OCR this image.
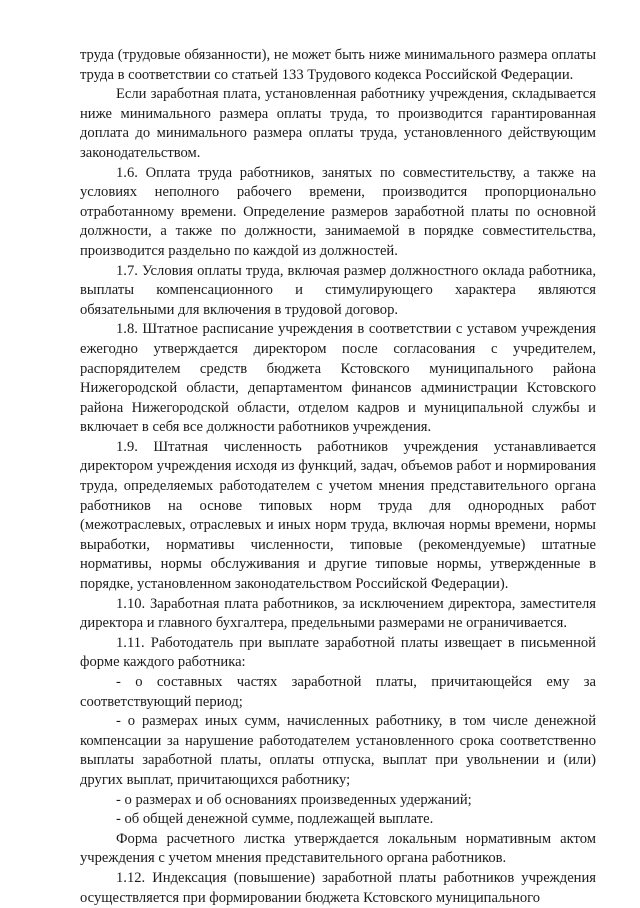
труда (трудовые обязанности), не может быть ниже минимального размера оплаты труда в соответствии со статьей 133 Трудового кодекса Российской Федерации.

Если заработная плата, установленная работнику учреждения, складывается ниже минимального размера оплаты труда, то производится гарантированная доплата до минимального размера оплаты труда, установленного действующим законодательством.

1.6. Оплата труда работников, занятых по совместительству, а также на условиях неполного рабочего времени, производится пропорционально отработанному времени. Определение размеров заработной платы по основной должности, а также по должности, занимаемой в порядке совместительства, производится раздельно по каждой из должностей.

1.7. Условия оплаты труда, включая размер должностного оклада работника, выплаты компенсационного и стимулирующего характера являются обязательными для включения в трудовой договор.

1.8. Штатное расписание учреждения в соответствии с уставом учреждения ежегодно утверждается директором после согласования с учредителем, распорядителем средств бюджета Кстовского муниципального района Нижегородской области, департаментом финансов администрации Кстовского района Нижегородской области, отделом кадров и муниципальной службы и включает в себя все должности работников учреждения.

1.9. Штатная численность работников учреждения устанавливается директором учреждения исходя из функций, задач, объемов работ и нормирования труда, определяемых работодателем с учетом мнения представительного органа работников на основе типовых норм труда для однородных работ (межотраслевых, отраслевых и иных норм труда, включая нормы времени, нормы выработки, нормативы численности, типовые (рекомендуемые) штатные нормативы, нормы обслуживания и другие типовые нормы, утвержденные в порядке, установленном законодательством Российской Федерации).

1.10. Заработная плата работников, за исключением директора, заместителя директора и главного бухгалтера, предельными размерами не ограничивается.

1.11. Работодатель при выплате заработной платы извещает в письменной форме каждого работника:

- о составных частях заработной платы, причитающейся ему за соответствующий период;

- о размерах иных сумм, начисленных работнику, в том числе денежной компенсации за нарушение работодателем установленного срока соответственно выплаты заработной платы, оплаты отпуска, выплат при увольнении и (или) других выплат, причитающихся работнику;

- о размерах и об основаниях произведенных удержаний;

- об общей денежной сумме, подлежащей выплате.

Форма расчетного листка утверждается локальным нормативным актом учреждения с учетом мнения представительного органа работников.

1.12. Индексация (повышение) заработной платы работников учреждения осуществляется при формировании бюджета Кстовского муниципального
